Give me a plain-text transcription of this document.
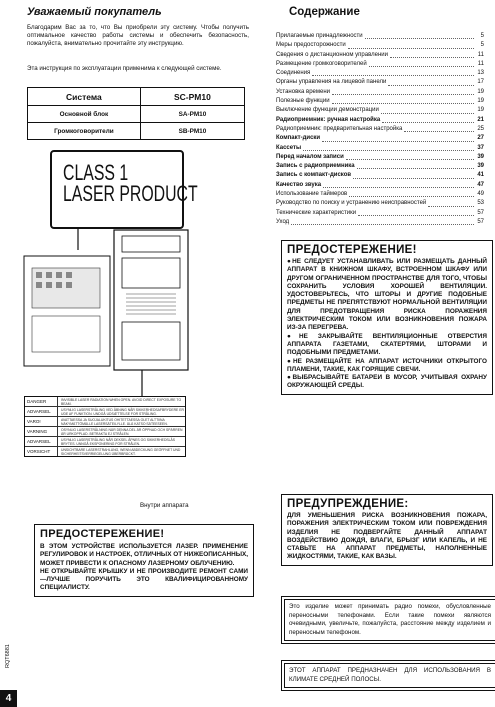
Уважаемый покупатель
Благодарим Вас за то, что Вы приобрели эту систему. Чтобы получить оптимальное качество работы системы и обеспечить безопасность, пожалуйста, внимательно прочитайте эту инструкцию.
Эта инструкция по эксплуатации применима к следующей системе.
Система	SC-PM10
Основной блок	SA-PM10
Громкоговорители	SB-PM10
CLASS 1
LASER PRODUCT
DANGER	INVISIBLE LASER RADIATION WHEN OPEN. AVOID DIRECT EXPOSURE TO BEAM.
ADVARSEL	USYNLIG LASERSTRÅLING VED ÅBNING NÅR SIKKERHEDSAFBRYDERE ER UDE AF FUNKTION. UNDGÅ UDSÆTTELSE FOR STRÅLING.
VARO!	AVATTAESSA JA SUOJALUKITUS OHITETTAESSA OLET ALTTIINA NÄKYMÄTTÖMÄLLE LASERSÄTEILYLLE. ÄLÄ KATSO SÄTEESEEN.
VARNING	OSYNLIG LASERSTRÅLNING NÄR DENNA DEL ÄR ÖPPNAD OCH SPÄRREN ÄR URKOPPLAD. BETRAKTA EJ STRÅLEN.
ADVARSEL	USYNLIG LASERSTRÅLING NÅR DEKSEL ÅPNES OG SIKKERHEDSLÅS BRYTES. UNNGÅ EKSPONERING FOR STRÅLEN.
VORSICHT	UNSICHTBARE LASERSTRAHLUNG, WENN ABDECKUNG GEÖFFNET UND SICHERHEITSVERRIEGELUNG ÜBERBRÜCKT.
Внутри аппарата
ПРЕДОСТЕРЕЖЕНИЕ!
В ЭТОМ УСТРОЙСТВЕ ИСПОЛЬЗУЕТСЯ ЛАЗЕР. ПРИМЕНЕНИЕ РЕГУЛИРОВОК И НАСТРОЕК, ОТЛИЧНЫХ ОТ НИЖЕОПИСАННЫХ, МОЖЕТ ПРИВЕСТИ К ОПАСНОМУ ЛАЗЕРНОМУ ОБЛУЧЕНИЮ.
НЕ ОТКРЫВАЙТЕ КРЫШКУ И НЕ ПРОИЗВОДИТЕ РЕМОНТ САМИ—ЛУЧШЕ ПОРУЧИТЬ ЭТО КВАЛИФИЦИРОВАННОМУ СПЕЦИАЛИСТУ.
RQT6881
4
Содержание
Прилагаемые принадлежности	5
Меры предосторожности	5
Сведения о дистанционном управлении	11
Размещение громкоговорителей	11
Соединения	13
Органы управления на лицевой панели	17
Установка времени	19
Полезные функции	19
Выключение функции демонстрации	19
Радиоприемник: ручная настройка	21
Радиоприемник: предварительная настройка	25
Компакт-диски	27
Кассеты	37
Перед началом записи	39
Запись с радиоприемника	39
Запись с компакт-дисков	41
Качество звука	47
Использование таймеров	49
Руководство по поиску и устранению неисправностей	53
Технические характеристики	57
Уход	57
ПРЕДОСТЕРЕЖЕНИЕ!
●НЕ СЛЕДУЕТ УСТАНАВЛИВАТЬ ИЛИ РАЗМЕЩАТЬ ДАННЫЙ АППАРАТ В КНИЖНОМ ШКАФУ, ВСТРОЕННОМ ШКАФУ ИЛИ ДРУГОМ ОГРАНИЧЕННОМ ПРОСТРАНСТВЕ ДЛЯ ТОГО, ЧТОБЫ СОХРАНИТЬ УСЛОВИЯ ХОРОШЕЙ ВЕНТИЛЯЦИИ. УДОСТОВЕРЬТЕСЬ, ЧТО ШТОРЫ И ДРУГИЕ ПОДОБНЫЕ ПРЕДМЕТЫ НЕ ПРЕПЯТСТВУЮТ НОРМАЛЬНОЙ ВЕНТИЛЯЦИИ ДЛЯ ПРЕДОТВРАЩЕНИЯ РИСКА ПОРАЖЕНИЯ ЭЛЕКТРИЧЕСКИМ ТОКОМ ИЛИ ВОЗНИКНОВЕНИЯ ПОЖАРА ИЗ-ЗА ПЕРЕГРЕВА.
●НЕ ЗАКРЫВАЙТЕ ВЕНТИЛЯЦИОННЫЕ ОТВЕРСТИЯ АППАРАТА ГАЗЕТАМИ, СКАТЕРТЯМИ, ШТОРАМИ И ПОДОБНЫМИ ПРЕДМЕТАМИ.
●НЕ РАЗМЕЩАЙТЕ НА АППАРАТ ИСТОЧНИКИ ОТКРЫТОГО ПЛАМЕНИ, ТАКИЕ, КАК ГОРЯЩИЕ СВЕЧИ.
●ВЫБРАСЫВАЙТЕ БАТАРЕИ В МУСОР, УЧИТЫВАЯ ОХРАНУ ОКРУЖАЮЩЕЙ СРЕДЫ.
ПРЕДУПРЕЖДЕНИЕ:
ДЛЯ УМЕНЬШЕНИЯ РИСКА ВОЗНИКНОВЕНИЯ ПОЖАРА, ПОРАЖЕНИЯ ЭЛЕКТРИЧЕСКИМ ТОКОМ ИЛИ ПОВРЕЖДЕНИЯ ИЗДЕЛИЯ НЕ ПОДВЕРГАЙТЕ ДАННЫЙ АППАРАТ ВОЗДЕЙСТВИЮ ДОЖДЯ, ВЛАГИ, БРЫЗГ ИЛИ КАПЕЛЬ, И НЕ СТАВЬТЕ НА АППАРАТ ПРЕДМЕТЫ, НАПОЛНЕННЫЕ ЖИДКОСТЯМИ, ТАКИЕ, КАК ВАЗЫ.
Это изделие может принимать радио помехи, обусловленные переносными телефонами. Если такие помехи являются очевидными, увеличьте, пожалуйста, расстояние между изделием и переносным телефоном.
ЭТОТ АППАРАТ ПРЕДНАЗНАЧЕН ДЛЯ ИСПОЛЬЗОВАНИЯ В КЛИМАТЕ СРЕДНЕЙ ПОЛОСЫ.
